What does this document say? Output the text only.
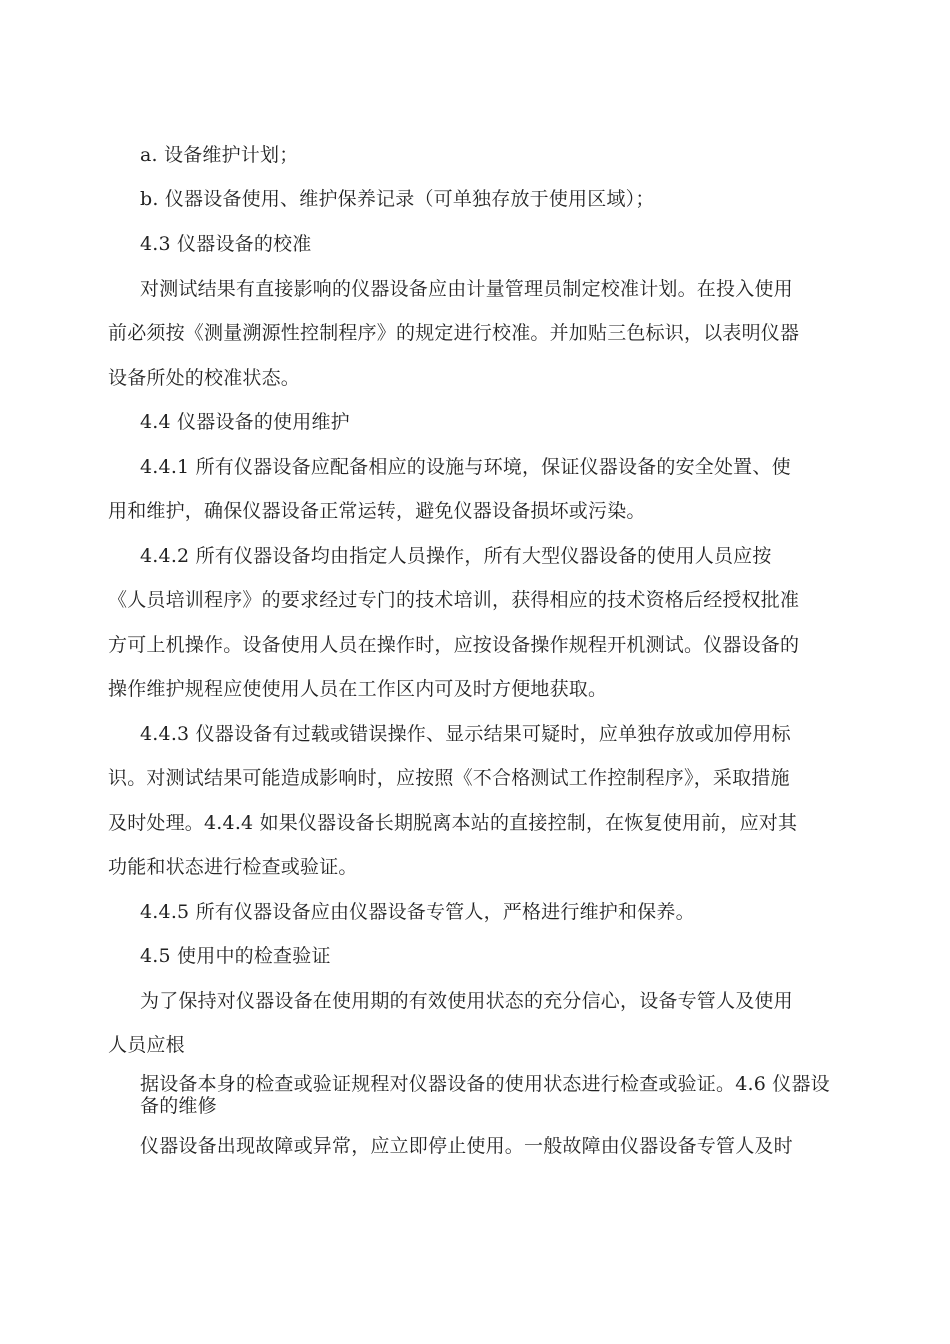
a. 设备维护计划；
b. 仪器设备使用、维护保养记录（可单独存放于使用区域）；
4.3 仪器设备的校准
对测试结果有直接影响的仪器设备应由计量管理员制定校准计划。在投入使用
前必须按《测量溯源性控制程序》的规定进行校准。并加贴三色标识，以表明仪器
设备所处的校准状态。
4.4 仪器设备的使用维护
4.4.1 所有仪器设备应配备相应的设施与环境，保证仪器设备的安全处置、使
用和维护，确保仪器设备正常运转，避免仪器设备损坏或污染。
4.4.2 所有仪器设备均由指定人员操作，所有大型仪器设备的使用人员应按
《人员培训程序》的要求经过专门的技术培训，获得相应的技术资格后经授权批准
方可上机操作。设备使用人员在操作时，应按设备操作规程开机测试。仪器设备的
操作维护规程应使使用人员在工作区内可及时方便地获取。
4.4.3 仪器设备有过载或错误操作、显示结果可疑时，应单独存放或加停用标
识。对测试结果可能造成影响时，应按照《不合格测试工作控制程序》，采取措施
及时处理。4.4.4 如果仪器设备长期脱离本站的直接控制，在恢复使用前，应对其
功能和状态进行检查或验证。
4.4.5 所有仪器设备应由仪器设备专管人，严格进行维护和保养。
4.5 使用中的检查验证
为了保持对仪器设备在使用期的有效使用状态的充分信心，设备专管人及使用
人员应根
据设备本身的检查或验证规程对仪器设备的使用状态进行检查或验证。4.6 仪器设备的维修
仪器设备出现故障或异常，应立即停止使用。一般故障由仪器设备专管人及时
